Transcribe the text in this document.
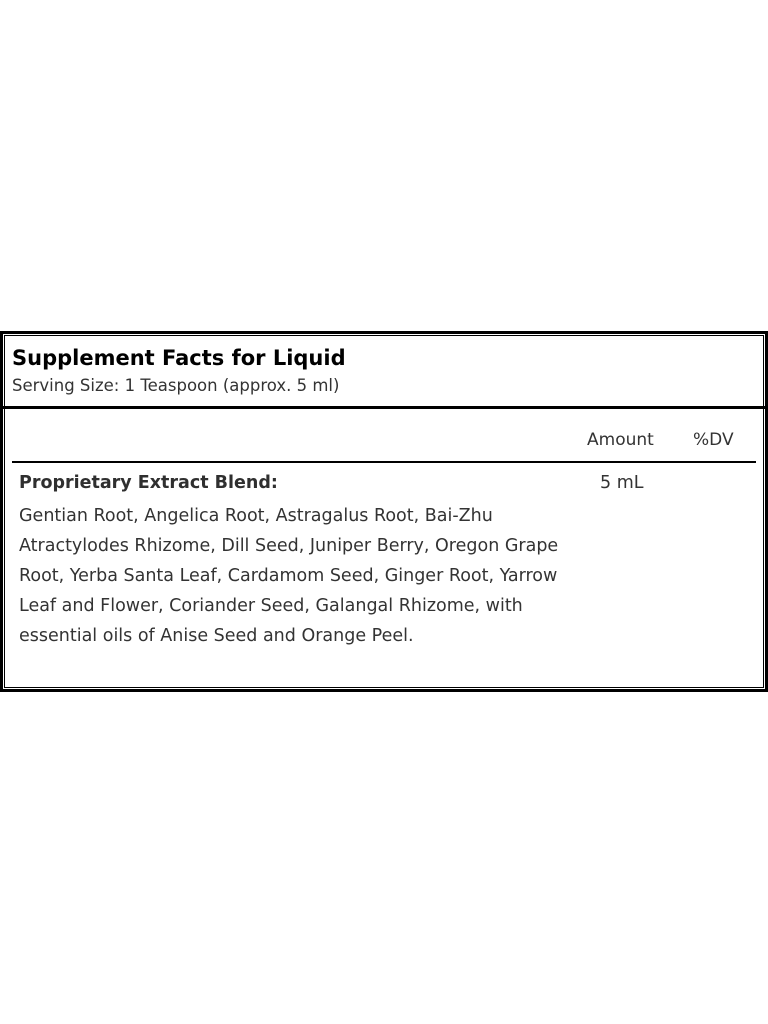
Supplement Facts for Liquid
Serving Size: 1 Teaspoon (approx. 5 ml)
Amount %DV
Proprietary Extract Blend:	5 mL
Gentian Root, Angelica Root, Astragalus Root, Bai-Zhu Atractylodes Rhizome, Dill Seed, Juniper Berry, Oregon Grape Root, Yerba Santa Leaf, Cardamom Seed, Ginger Root, Yarrow Leaf and Flower, Coriander Seed, Galangal Rhizome, with essential oils of Anise Seed and Orange Peel.
